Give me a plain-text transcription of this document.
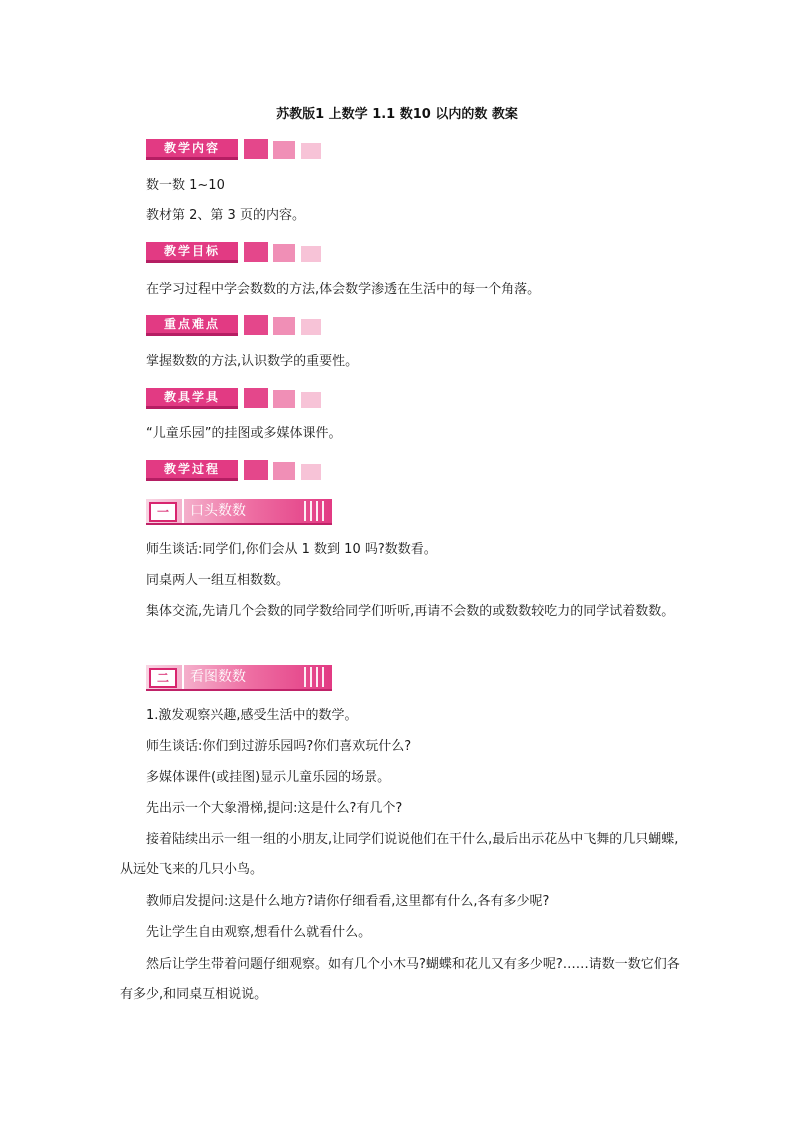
苏教版1 上数学 1.1 数10 以内的数 教案
教学内容
数一数 1~10
教材第 2、第 3 页的内容。
教学目标
在学习过程中学会数数的方法,体会数学渗透在生活中的每一个角落。
重点难点
掌握数数的方法,认识数学的重要性。
教具学具
“儿童乐园”的挂图或多媒体课件。
教学过程
一	口头数数
师生谈话:同学们,你们会从 1 数到 10 吗?数数看。
同桌两人一组互相数数。
集体交流,先请几个会数的同学数给同学们听听,再请不会数的或数数较吃力的同学试着数数。
二	看图数数
1.激发观察兴趣,感受生活中的数学。
师生谈话:你们到过游乐园吗?你们喜欢玩什么?
多媒体课件(或挂图)显示儿童乐园的场景。
先出示一个大象滑梯,提问:这是什么?有几个?
接着陆续出示一组一组的小朋友,让同学们说说他们在干什么,最后出示花丛中飞舞的几只蝴蝶,从远处飞来的几只小鸟。
教师启发提问:这是什么地方?请你仔细看看,这里都有什么,各有多少呢?
先让学生自由观察,想看什么就看什么。
然后让学生带着问题仔细观察。如有几个小木马?蝴蝶和花儿又有多少呢?……请数一数它们各有多少,和同桌互相说说。
